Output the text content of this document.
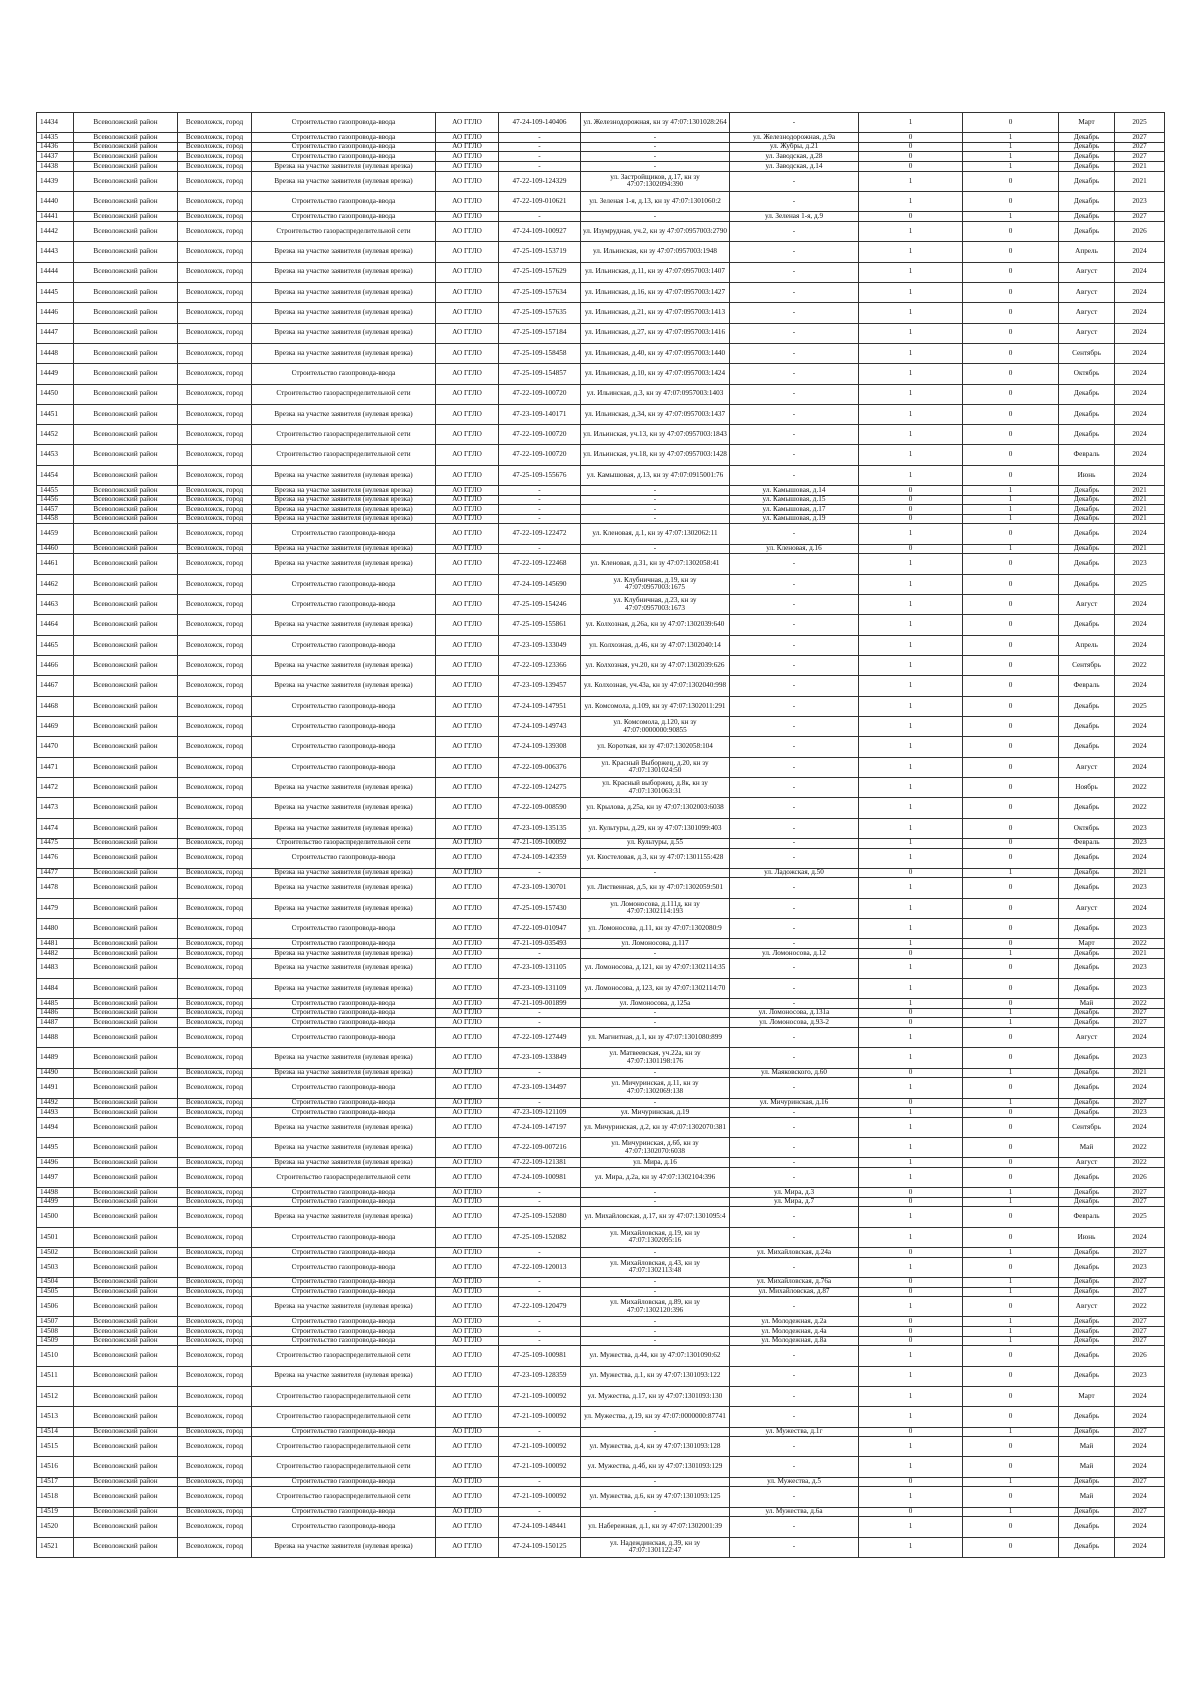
14434	Всеволожский район	Всеволожск, город	Строительство газопровода-ввода	АО ГГЛО	47-24-109-140406	ул. Железнодорожная, кн зу 47:07:1301028:264	-	1	0	Март	2025
14435	Всеволожский район	Всеволожск, город	Строительство газопровода-ввода	АО ГГЛО	-	-	ул. Железнодорожная, д.9а	0	1	Декабрь	2027
14436	Всеволожский район	Всеволожск, город	Строительство газопровода-ввода	АО ГГЛО	-	-	ул. Жубры, д.21	0	1	Декабрь	2027
14437	Всеволожский район	Всеволожск, город	Строительство газопровода-ввода	АО ГГЛО	-	-	ул. Заводская, д.28	0	1	Декабрь	2027
14438	Всеволожский район	Всеволожск, город	Врезка на участке заявителя (нулевая врезка)	АО ГГЛО	-	-	ул. Заводская, д.14	0	1	Декабрь	2021
14439	Всеволожский район	Всеволожск, город	Врезка на участке заявителя (нулевая врезка)	АО ГГЛО	47-22-109-124329	ул. Застройщиков, д.17, кн зу 47:07:1302094:390	-	1	0	Декабрь	2021
14440	Всеволожский район	Всеволожск, город	Строительство газопровода-ввода	АО ГГЛО	47-22-109-010621	ул. Зеленая 1-я, д.13, кн зу 47:07:1301060:2	-	1	0	Декабрь	2023
14441	Всеволожский район	Всеволожск, город	Строительство газопровода-ввода	АО ГГЛО	-	-	ул. Зеленая 1-я, д.9	0	1	Декабрь	2027
14442	Всеволожский район	Всеволожск, город	Строительство газораспределительной сети	АО ГГЛО	47-24-109-100927	ул. Изумрудная, уч.2, кн зу 47:07:0957003:2790	-	1	0	Декабрь	2026
14443	Всеволожский район	Всеволожск, город	Врезка на участке заявителя (нулевая врезка)	АО ГГЛО	47-25-109-153719	ул. Ильинская, кн зу 47:07:0957003:1948	-	1	0	Апрель	2024
14444	Всеволожский район	Всеволожск, город	Врезка на участке заявителя (нулевая врезка)	АО ГГЛО	47-25-109-157629	ул. Ильинская, д.11, кн зу 47:07:0957003:1407	-	1	0	Август	2024
14445	Всеволожский район	Всеволожск, город	Врезка на участке заявителя (нулевая врезка)	АО ГГЛО	47-25-109-157634	ул. Ильинская, д.16, кн зу 47:07:0957003:1427	-	1	0	Август	2024
14446	Всеволожский район	Всеволожск, город	Врезка на участке заявителя (нулевая врезка)	АО ГГЛО	47-25-109-157635	ул. Ильинская, д.21, кн зу 47:07:0957003:1413	-	1	0	Август	2024
14447	Всеволожский район	Всеволожск, город	Врезка на участке заявителя (нулевая врезка)	АО ГГЛО	47-25-109-157184	ул. Ильинская, д.27, кн зу 47:07:0957003:1416	-	1	0	Август	2024
14448	Всеволожский район	Всеволожск, город	Врезка на участке заявителя (нулевая врезка)	АО ГГЛО	47-25-109-158458	ул. Ильинская, д.40, кн зу 47:07:0957003:1440	-	1	0	Сентябрь	2024
14449	Всеволожский район	Всеволожск, город	Строительство газопровода-ввода	АО ГГЛО	47-25-109-154857	ул. Ильинская, д.10, кн зу 47:07:0957003:1424	-	1	0	Октябрь	2024
14450	Всеволожский район	Всеволожск, город	Строительство газораспределительной сети	АО ГГЛО	47-22-109-100720	ул. Ильинская, д.3, кн зу 47:07:0957003:1403	-	1	0	Декабрь	2024
14451	Всеволожский район	Всеволожск, город	Врезка на участке заявителя (нулевая врезка)	АО ГГЛО	47-23-109-140171	ул. Ильинская, д.34, кн зу 47:07:0957003:1437	-	1	0	Декабрь	2024
14452	Всеволожский район	Всеволожск, город	Строительство газораспределительной сети	АО ГГЛО	47-22-109-100720	ул. Ильинская, уч.13, кн зу 47:07:0957003:1843	-	1	0	Декабрь	2024
14453	Всеволожский район	Всеволожск, город	Строительство газораспределительной сети	АО ГГЛО	47-22-109-100720	ул. Ильинская, уч.18, кн зу 47:07:0957003:1428	-	1	0	Февраль	2024
14454	Всеволожский район	Всеволожск, город	Врезка на участке заявителя (нулевая врезка)	АО ГГЛО	47-25-109-155676	ул. Камышовая, д.13, кн зу 47:07:0915001:76	-	1	0	Июнь	2024
14455	Всеволожский район	Всеволожск, город	Врезка на участке заявителя (нулевая врезка)	АО ГГЛО	-	-	ул. Камышовая, д.14	0	1	Декабрь	2021
14456	Всеволожский район	Всеволожск, город	Врезка на участке заявителя (нулевая врезка)	АО ГГЛО	-	-	ул. Камышовая, д.15	0	1	Декабрь	2021
14457	Всеволожский район	Всеволожск, город	Врезка на участке заявителя (нулевая врезка)	АО ГГЛО	-	-	ул. Камышовая, д.17	0	1	Декабрь	2021
14458	Всеволожский район	Всеволожск, город	Врезка на участке заявителя (нулевая врезка)	АО ГГЛО	-	-	ул. Камышовая, д.19	0	1	Декабрь	2021
14459	Всеволожский район	Всеволожск, город	Строительство газопровода-ввода	АО ГГЛО	47-22-109-122472	ул. Кленовая, д.1, кн зу 47:07:1302062:11	-	1	0	Декабрь	2024
14460	Всеволожский район	Всеволожск, город	Врезка на участке заявителя (нулевая врезка)	АО ГГЛО	-	-	ул. Кленовая, д.16	0	1	Декабрь	2021
14461	Всеволожский район	Всеволожск, город	Врезка на участке заявителя (нулевая врезка)	АО ГГЛО	47-22-109-122468	ул. Кленовая, д.31, кн зу 47:07:1302058:41	-	1	0	Декабрь	2023
14462	Всеволожский район	Всеволожск, город	Строительство газопровода-ввода	АО ГГЛО	47-24-109-145690	ул. Клубничная, д.19, кн зу 47:07:0957003:1675	-	1	0	Декабрь	2025
14463	Всеволожский район	Всеволожск, город	Строительство газопровода-ввода	АО ГГЛО	47-25-109-154246	ул. Клубничная, д.23, кн зу 47:07:0957003:1673	-	1	0	Август	2024
14464	Всеволожский район	Всеволожск, город	Врезка на участке заявителя (нулевая врезка)	АО ГГЛО	47-25-109-155861	ул. Колхозная, д.26а, кн зу 47:07:1302039:640	-	1	0	Декабрь	2024
14465	Всеволожский район	Всеволожск, город	Строительство газопровода-ввода	АО ГГЛО	47-23-109-133049	ул. Колхозная, д.46, кн зу 47:07:1302040:14	-	1	0	Апрель	2024
14466	Всеволожский район	Всеволожск, город	Врезка на участке заявителя (нулевая врезка)	АО ГГЛО	47-22-109-123366	ул. Колхозная, уч.20, кн зу 47:07:1302039:626	-	1	0	Сентябрь	2022
14467	Всеволожский район	Всеволожск, город	Врезка на участке заявителя (нулевая врезка)	АО ГГЛО	47-23-109-139457	ул. Колхозная, уч.43а, кн зу 47:07:1302040:998	-	1	0	Февраль	2024
14468	Всеволожский район	Всеволожск, город	Строительство газопровода-ввода	АО ГГЛО	47-24-109-147951	ул. Комсомола, д.109, кн зу 47:07:1302011:291	-	1	0	Декабрь	2025
14469	Всеволожский район	Всеволожск, город	Строительство газопровода-ввода	АО ГГЛО	47-24-109-149743	ул. Комсомола, д.120, кн зу 47:07:0000000:90855	-	1	0	Декабрь	2024
14470	Всеволожский район	Всеволожск, город	Строительство газопровода-ввода	АО ГГЛО	47-24-109-139308	ул. Короткая, кн зу 47:07:1302058:104	-	1	0	Декабрь	2024
14471	Всеволожский район	Всеволожск, город	Строительство газопровода-ввода	АО ГГЛО	47-22-109-006376	ул. Красный Выборжец, д.20, кн зу 47:07:1301024:50	-	1	0	Август	2024
14472	Всеволожский район	Всеволожск, город	Врезка на участке заявителя (нулевая врезка)	АО ГГЛО	47-22-109-124275	ул. Красный выборжец, д.8к, кн зу 47:07:1301063:31	-	1	0	Ноябрь	2022
14473	Всеволожский район	Всеволожск, город	Врезка на участке заявителя (нулевая врезка)	АО ГГЛО	47-22-109-008590	ул. Крылова, д.25а, кн зу 47:07:1302003:6038	-	1	0	Декабрь	2022
14474	Всеволожский район	Всеволожск, город	Врезка на участке заявителя (нулевая врезка)	АО ГГЛО	47-23-109-135135	ул. Культуры, д.29, кн зу 47:07:1301099:403	-	1	0	Октябрь	2023
14475	Всеволожский район	Всеволожск, город	Строительство газораспределительной сети	АО ГГЛО	47-21-109-100092	ул. Культуры, д.55	-	1	0	Февраль	2023
14476	Всеволожский район	Всеволожск, город	Строительство газопровода-ввода	АО ГГЛО	47-24-109-142359	ул. Кюстеловая, д.3, кн зу 47:07:1301155:428	-	1	0	Декабрь	2024
14477	Всеволожский район	Всеволожск, город	Врезка на участке заявителя (нулевая врезка)	АО ГГЛО	-	-	ул. Ладожская, д.50	0	1	Декабрь	2021
14478	Всеволожский район	Всеволожск, город	Врезка на участке заявителя (нулевая врезка)	АО ГГЛО	47-23-109-130701	ул. Лиственная, д.5, кн зу 47:07:1302059:501	-	1	0	Декабрь	2023
14479	Всеволожский район	Всеволожск, город	Врезка на участке заявителя (нулевая врезка)	АО ГГЛО	47-25-109-157430	ул. Ломоносова, д.111д, кн зу 47:07:1302114:193	-	1	0	Август	2024
14480	Всеволожский район	Всеволожск, город	Строительство газопровода-ввода	АО ГГЛО	47-22-109-010947	ул. Ломоносова, д.11, кн зу 47:07:1302080:9	-	1	0	Декабрь	2023
14481	Всеволожский район	Всеволожск, город	Строительство газопровода-ввода	АО ГГЛО	47-21-109-035493	ул. Ломоносова, д.117	-	1	0	Март	2022
14482	Всеволожский район	Всеволожск, город	Врезка на участке заявителя (нулевая врезка)	АО ГГЛО	-	-	ул. Ломоносова, д.12	0	1	Декабрь	2021
14483	Всеволожский район	Всеволожск, город	Врезка на участке заявителя (нулевая врезка)	АО ГГЛО	47-23-109-131105	ул. Ломоносова, д.121, кн зу 47:07:1302114:35	-	1	0	Декабрь	2023
14484	Всеволожский район	Всеволожск, город	Врезка на участке заявителя (нулевая врезка)	АО ГГЛО	47-23-109-131109	ул. Ломоносова, д.123, кн зу 47:07:1302114:70	-	1	0	Декабрь	2023
14485	Всеволожский район	Всеволожск, город	Строительство газопровода-ввода	АО ГГЛО	47-21-109-001899	ул. Ломоносова, д.125а	-	1	0	Май	2022
14486	Всеволожский район	Всеволожск, город	Строительство газопровода-ввода	АО ГГЛО	-	-	ул. Ломоносова, д.131а	0	1	Декабрь	2027
14487	Всеволожский район	Всеволожск, город	Строительство газопровода-ввода	АО ГГЛО	-	-	ул. Ломоносова, д.93-2	0	1	Декабрь	2027
14488	Всеволожский район	Всеволожск, город	Строительство газопровода-ввода	АО ГГЛО	47-22-109-127449	ул. Магнитная, д.1, кн зу 47:07:1301080:899	-	1	0	Август	2024
14489	Всеволожский район	Всеволожск, город	Врезка на участке заявителя (нулевая врезка)	АО ГГЛО	47-23-109-133849	ул. Матвеевская, уч.22а, кн зу 47:07:1301198:176	-	1	0	Декабрь	2023
14490	Всеволожский район	Всеволожск, город	Врезка на участке заявителя (нулевая врезка)	АО ГГЛО	-	-	ул. Маяковского, д.60	0	1	Декабрь	2021
14491	Всеволожский район	Всеволожск, город	Строительство газопровода-ввода	АО ГГЛО	47-23-109-134497	ул. Мичуринская, д.11, кн зу 47:07:1302069:138	-	1	0	Декабрь	2024
14492	Всеволожский район	Всеволожск, город	Строительство газопровода-ввода	АО ГГЛО	-	-	ул. Мичуринская, д.16	0	1	Декабрь	2027
14493	Всеволожский район	Всеволожск, город	Строительство газопровода-ввода	АО ГГЛО	47-23-109-121109	ул. Мичуринская, д.19	-	1	0	Декабрь	2023
14494	Всеволожский район	Всеволожск, город	Врезка на участке заявителя (нулевая врезка)	АО ГГЛО	47-24-109-147197	ул. Мичуринская, д.2, кн зу 47:07:1302070:381	-	1	0	Сентябрь	2024
14495	Всеволожский район	Всеволожск, город	Врезка на участке заявителя (нулевая врезка)	АО ГГЛО	47-22-109-007216	ул. Мичуринская, д.6б, кн зу 47:07:1302070:6038	-	1	0	Май	2022
14496	Всеволожский район	Всеволожск, город	Врезка на участке заявителя (нулевая врезка)	АО ГГЛО	47-22-109-121381	ул. Мира, д.16	-	1	0	Август	2022
14497	Всеволожский район	Всеволожск, город	Строительство газораспределительной сети	АО ГГЛО	47-24-109-100981	ул. Мира, д.2а, кн зу 47:07:1302104:396	-	1	0	Декабрь	2026
14498	Всеволожский район	Всеволожск, город	Строительство газопровода-ввода	АО ГГЛО	-	-	ул. Мира, д.3	0	1	Декабрь	2027
14499	Всеволожский район	Всеволожск, город	Строительство газопровода-ввода	АО ГГЛО	-	-	ул. Мира, д.7	0	1	Декабрь	2027
14500	Всеволожский район	Всеволожск, город	Врезка на участке заявителя (нулевая врезка)	АО ГГЛО	47-25-109-152080	ул. Михайловская, д.17, кн зу 47:07:1301095:4	-	1	0	Февраль	2025
14501	Всеволожский район	Всеволожск, город	Строительство газопровода-ввода	АО ГГЛО	47-25-109-152082	ул. Михайловская, д.19, кн зу 47:07:1302095:16	-	1	0	Июнь	2024
14502	Всеволожский район	Всеволожск, город	Строительство газопровода-ввода	АО ГГЛО	-	-	ул. Михайловская, д.24а	0	1	Декабрь	2027
14503	Всеволожский район	Всеволожск, город	Строительство газопровода-ввода	АО ГГЛО	47-22-109-120013	ул. Михайловская, д.43, кн зу 47:07:1302113:48	-	1	0	Декабрь	2023
14504	Всеволожский район	Всеволожск, город	Строительство газопровода-ввода	АО ГГЛО	-	-	ул. Михайловская, д.76а	0	1	Декабрь	2027
14505	Всеволожский район	Всеволожск, город	Строительство газопровода-ввода	АО ГГЛО	-	-	ул. Михайловская, д.87	0	1	Декабрь	2027
14506	Всеволожский район	Всеволожск, город	Врезка на участке заявителя (нулевая врезка)	АО ГГЛО	47-22-109-120479	ул. Михайловская, д.89, кн зу 47:07:1302120:396	-	1	0	Август	2022
14507	Всеволожский район	Всеволожск, город	Строительство газопровода-ввода	АО ГГЛО	-	-	ул. Молодежная, д.2а	0	1	Декабрь	2027
14508	Всеволожский район	Всеволожск, город	Строительство газопровода-ввода	АО ГГЛО	-	-	ул. Молодежная, д.4а	0	1	Декабрь	2027
14509	Всеволожский район	Всеволожск, город	Строительство газопровода-ввода	АО ГГЛО	-	-	ул. Молодежная, д.8а	0	1	Декабрь	2027
14510	Всеволожский район	Всеволожск, город	Строительство газораспределительной сети	АО ГГЛО	47-25-109-100981	ул. Мужества, д.44, кн зу 47:07:1301090:62	-	1	0	Декабрь	2026
14511	Всеволожский район	Всеволожск, город	Врезка на участке заявителя (нулевая врезка)	АО ГГЛО	47-23-109-128359	ул. Мужества, д.1, кн зу 47:07:1301093:122	-	1	0	Декабрь	2023
14512	Всеволожский район	Всеволожск, город	Строительство газораспределительной сети	АО ГГЛО	47-21-109-100092	ул. Мужества, д.17, кн зу 47:07:1301093:130	-	1	0	Март	2024
14513	Всеволожский район	Всеволожск, город	Строительство газораспределительной сети	АО ГГЛО	47-21-109-100092	ул. Мужества, д.19, кн зу 47:07:0000000:87741	-	1	0	Декабрь	2024
14514	Всеволожский район	Всеволожск, город	Строительство газопровода-ввода	АО ГГЛО	-	-	ул. Мужества, д.1г	0	1	Декабрь	2027
14515	Всеволожский район	Всеволожск, город	Строительство газораспределительной сети	АО ГГЛО	47-21-109-100092	ул. Мужества, д.4, кн зу 47:07:1301093:128	-	1	0	Май	2024
14516	Всеволожский район	Всеволожск, город	Строительство газораспределительной сети	АО ГГЛО	47-21-109-100092	ул. Мужества, д.4б, кн зу 47:07:1301093:129	-	1	0	Май	2024
14517	Всеволожский район	Всеволожск, город	Строительство газопровода-ввода	АО ГГЛО	-	-	ул. Мужества, д.5	0	1	Декабрь	2027
14518	Всеволожский район	Всеволожск, город	Строительство газораспределительной сети	АО ГГЛО	47-21-109-100092	ул. Мужества, д.6, кн зу 47:07:1301093:125	-	1	0	Май	2024
14519	Всеволожский район	Всеволожск, город	Строительство газопровода-ввода	АО ГГЛО	-	-	ул. Мужества, д.6а	0	1	Декабрь	2027
14520	Всеволожский район	Всеволожск, город	Строительство газопровода-ввода	АО ГГЛО	47-24-109-148441	ул. Набережная, д.1, кн зу 47:07:1302001:39	-	1	0	Декабрь	2024
14521	Всеволожский район	Всеволожск, город	Врезка на участке заявителя (нулевая врезка)	АО ГГЛО	47-24-109-150125	ул. Надеждинская, д.39, кн зу 47:07:1301122:47	-	1	0	Декабрь	2024
